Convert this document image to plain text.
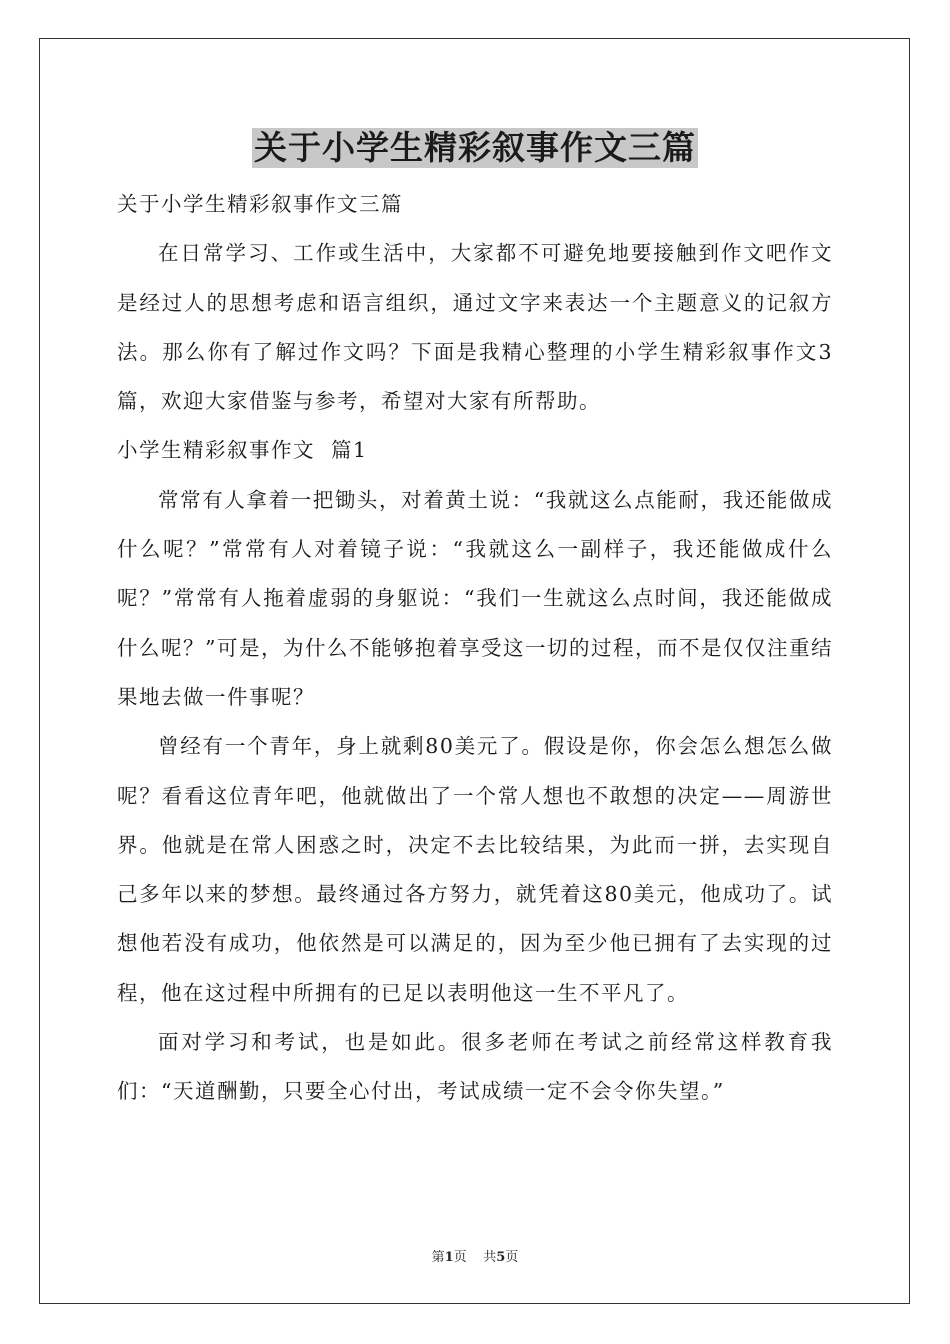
关于小学生精彩叙事作文三篇

关于小学生精彩叙事作文三篇

在日常学习、工作或生活中，大家都不可避免地要接触到作文吧作文是经过人的思想考虑和语言组织，通过文字来表达一个主题意义的记叙方法。那么你有了解过作文吗？下面是我精心整理的小学生精彩叙事作文3篇，欢迎大家借鉴与参考，希望对大家有所帮助。

小学生精彩叙事作文  篇1

常常有人拿着一把锄头，对着黄土说：“我就这么点能耐，我还能做成什么呢？”常常有人对着镜子说：“我就这么一副样子，我还能做成什么呢？”常常有人拖着虚弱的身躯说：“我们一生就这么点时间，我还能做成什么呢？”可是，为什么不能够抱着享受这一切的过程，而不是仅仅注重结果地去做一件事呢？

曾经有一个青年，身上就剩80美元了。假设是你，你会怎么想怎么做呢？看看这位青年吧，他就做出了一个常人想也不敢想的决定——周游世界。他就是在常人困惑之时，决定不去比较结果，为此而一拼，去实现自己多年以来的梦想。最终通过各方努力，就凭着这80美元，他成功了。试想他若没有成功，他依然是可以满足的，因为至少他已拥有了去实现的过程，他在这过程中所拥有的已足以表明他这一生不平凡了。

面对学习和考试，也是如此。很多老师在考试之前经常这样教育我们：“天道酬勤，只要全心付出，考试成绩一定不会令你失望。”

第1页 共5页
